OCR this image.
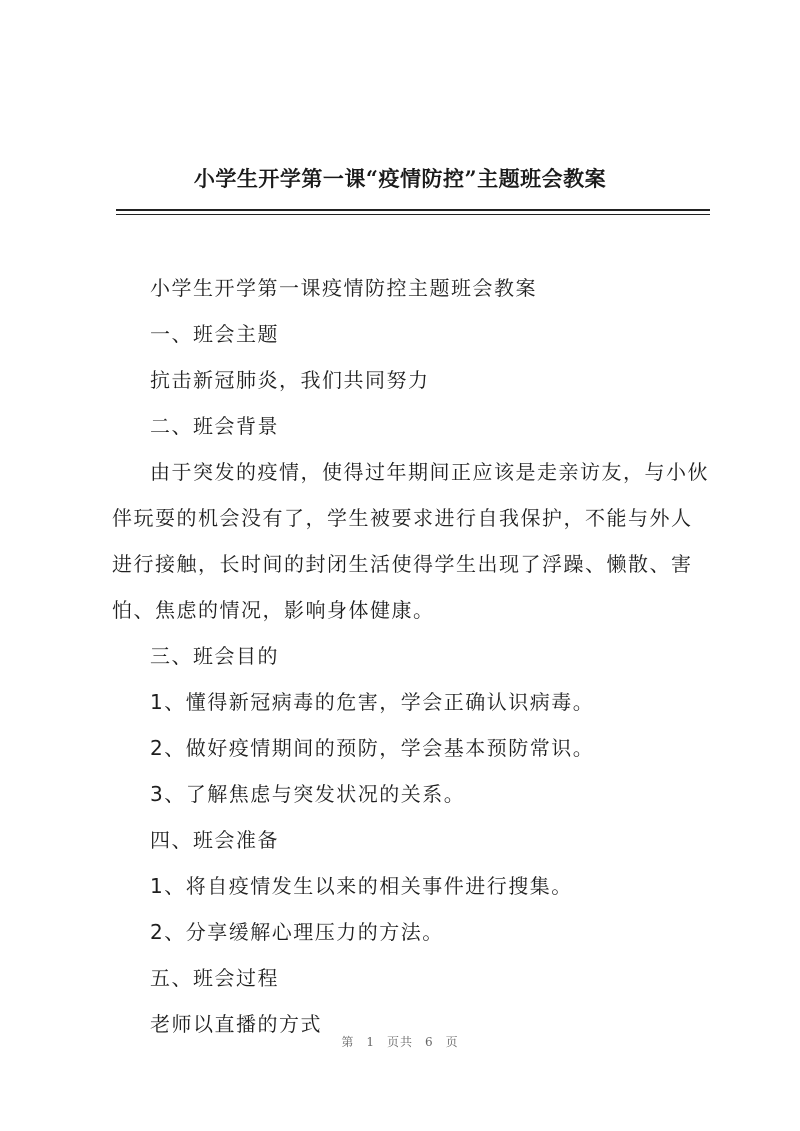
小学生开学第一课“疫情防控”主题班会教案

小学生开学第一课疫情防控主题班会教案

一、班会主题

抗击新冠肺炎，我们共同努力

二、班会背景

由于突发的疫情，使得过年期间正应该是走亲访友，与小伙伴玩耍的机会没有了，学生被要求进行自我保护，不能与外人进行接触，长时间的封闭生活使得学生出现了浮躁、懒散、害怕、焦虑的情况，影响身体健康。

三、班会目的

1、懂得新冠病毒的危害，学会正确认识病毒。

2、做好疫情期间的预防，学会基本预防常识。

3、了解焦虑与突发状况的关系。

四、班会准备

1、将自疫情发生以来的相关事件进行搜集。

2、分享缓解心理压力的方法。

五、班会过程

老师以直播的方式

第 1 页共 6 页
